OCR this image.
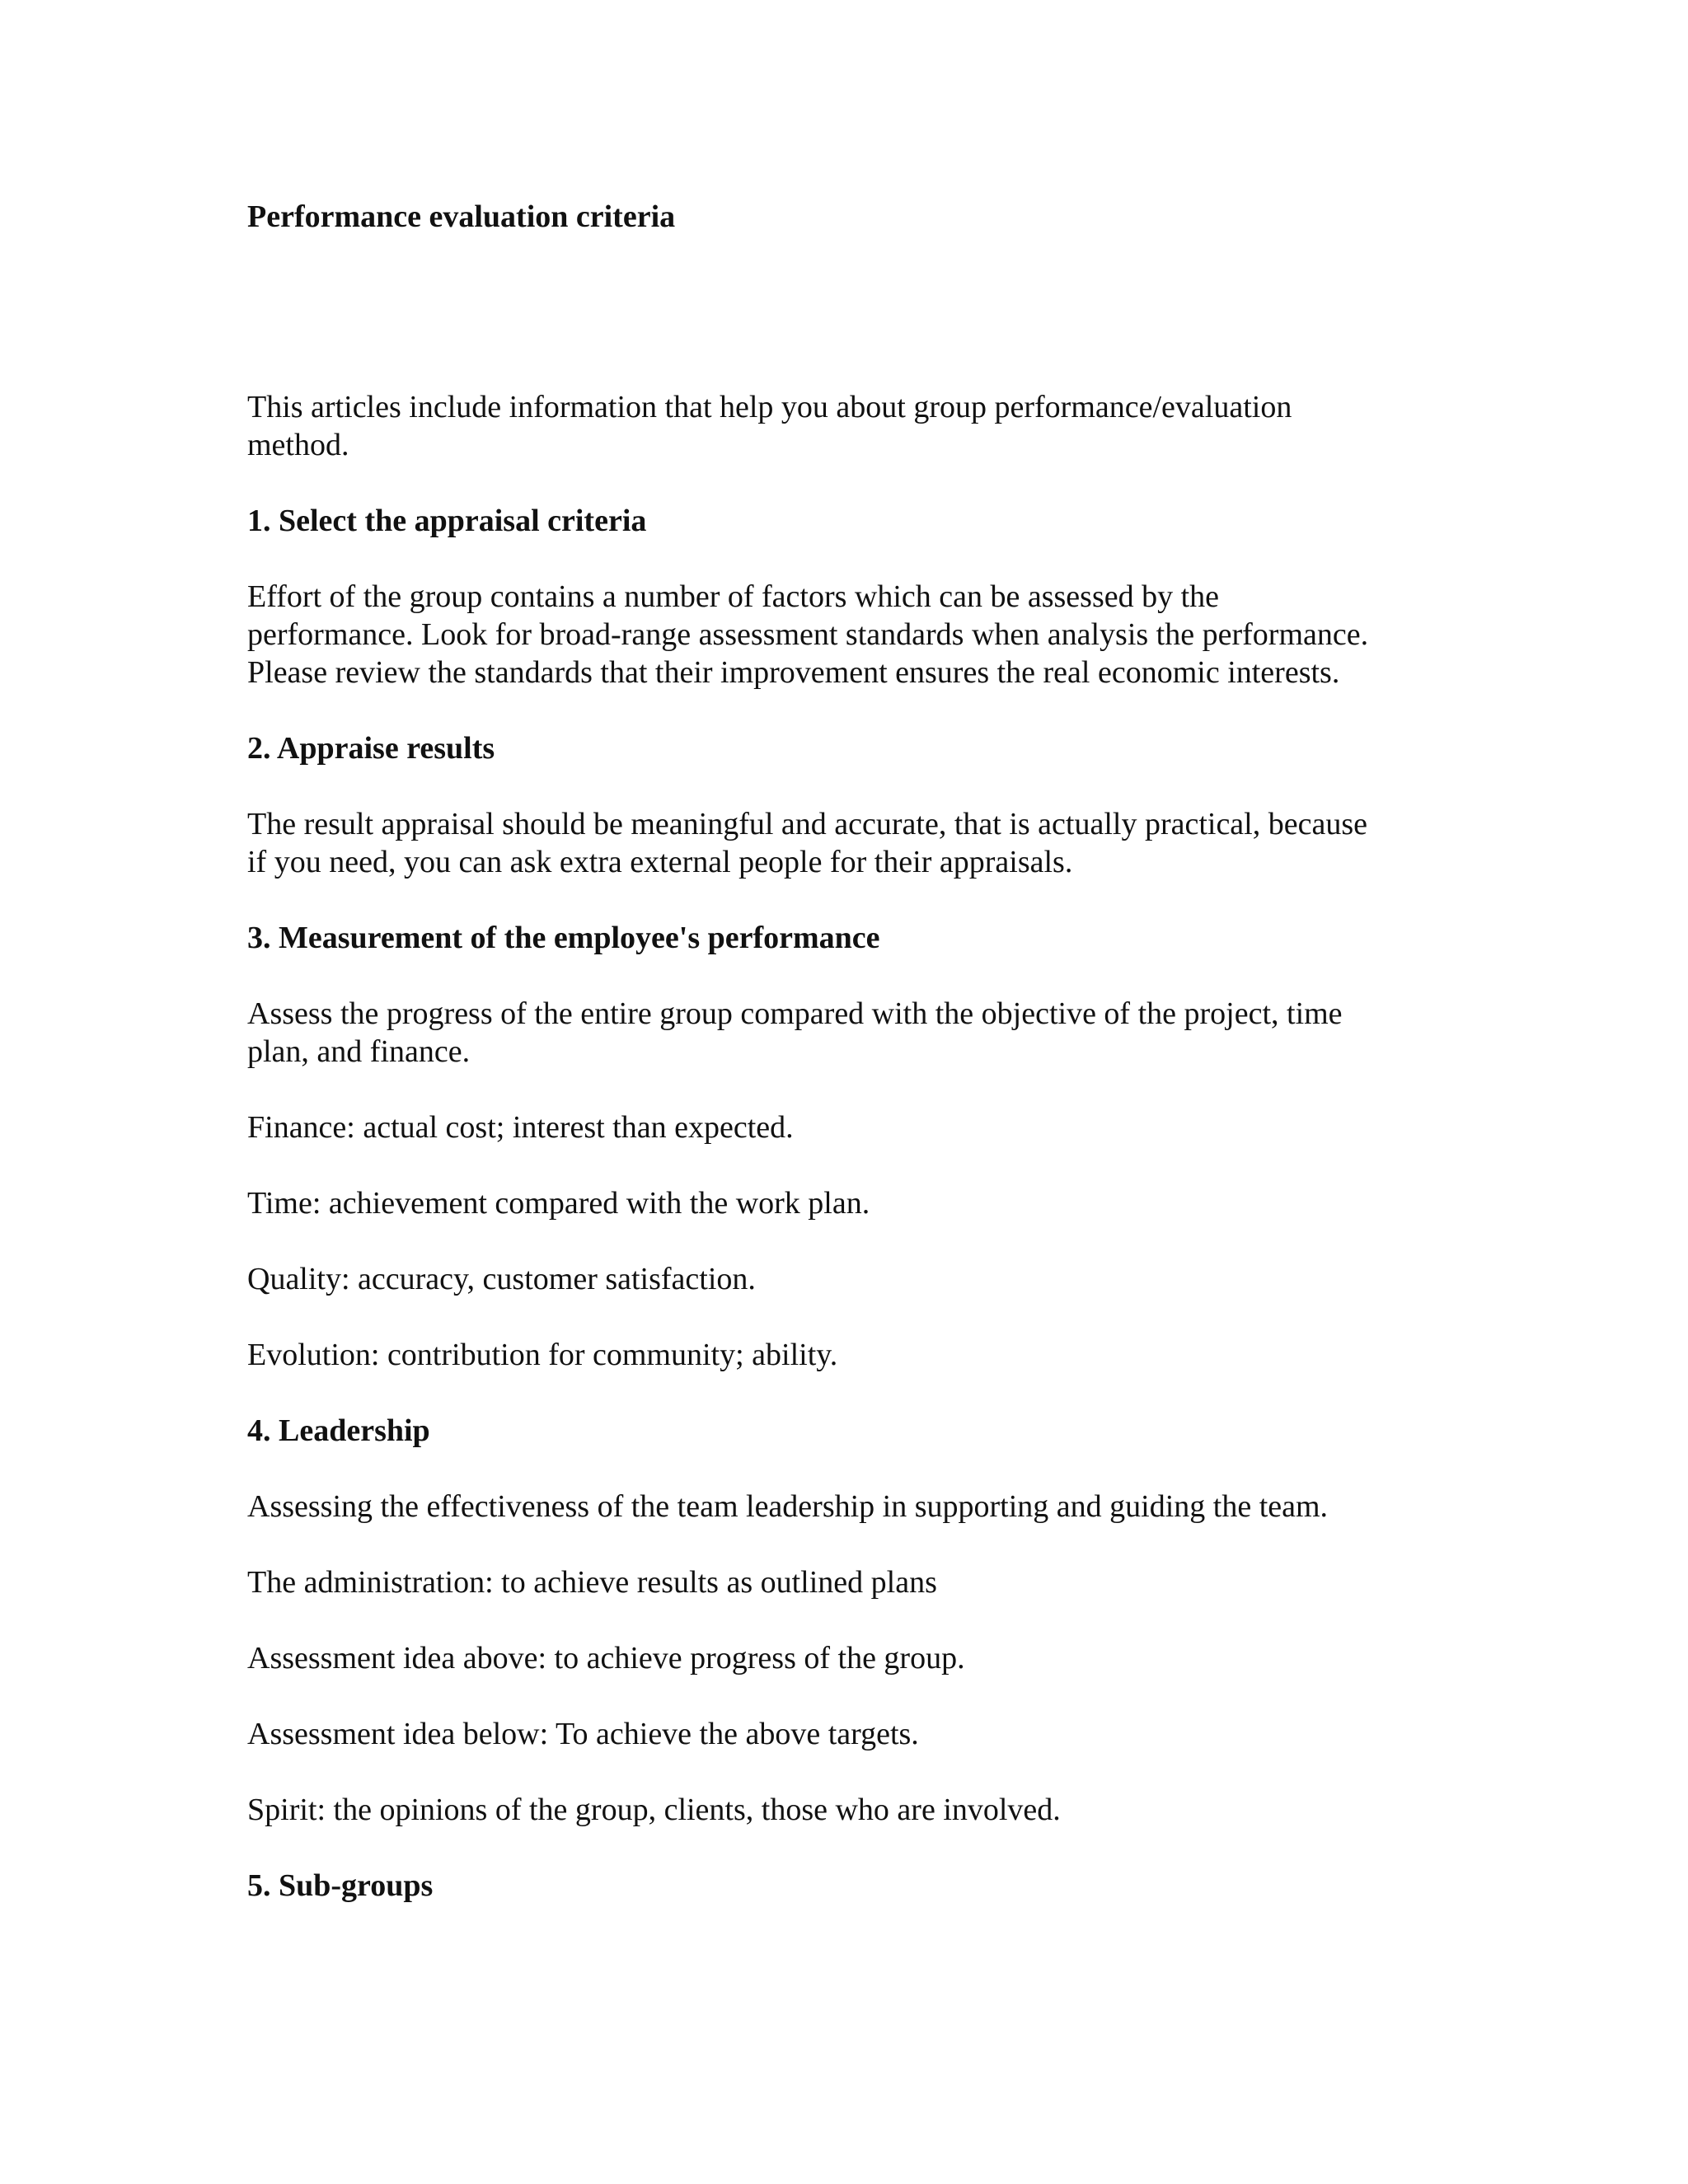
Performance evaluation criteria

This articles include information that help you about group performance/evaluation
method.

1. Select the appraisal criteria

Effort of the group contains a number of factors which can be assessed by the
performance. Look for broad-range assessment standards when analysis the performance.
Please review the standards that their improvement ensures the real economic interests.

2. Appraise results

The result appraisal should be meaningful and accurate, that is actually practical, because
if you need, you can ask extra external people for their appraisals.

3. Measurement of the employee's performance

Assess the progress of the entire group compared with the objective of the project, time
plan, and finance.

Finance: actual cost; interest than expected.

Time: achievement compared with the work plan.

Quality: accuracy, customer satisfaction.

Evolution: contribution for community; ability.

4. Leadership

Assessing the effectiveness of the team leadership in supporting and guiding the team.

The administration: to achieve results as outlined plans

Assessment idea above: to achieve progress of the group.

Assessment idea below: To achieve the above targets.

Spirit: the opinions of the group, clients, those who are involved.

5. Sub-groups
